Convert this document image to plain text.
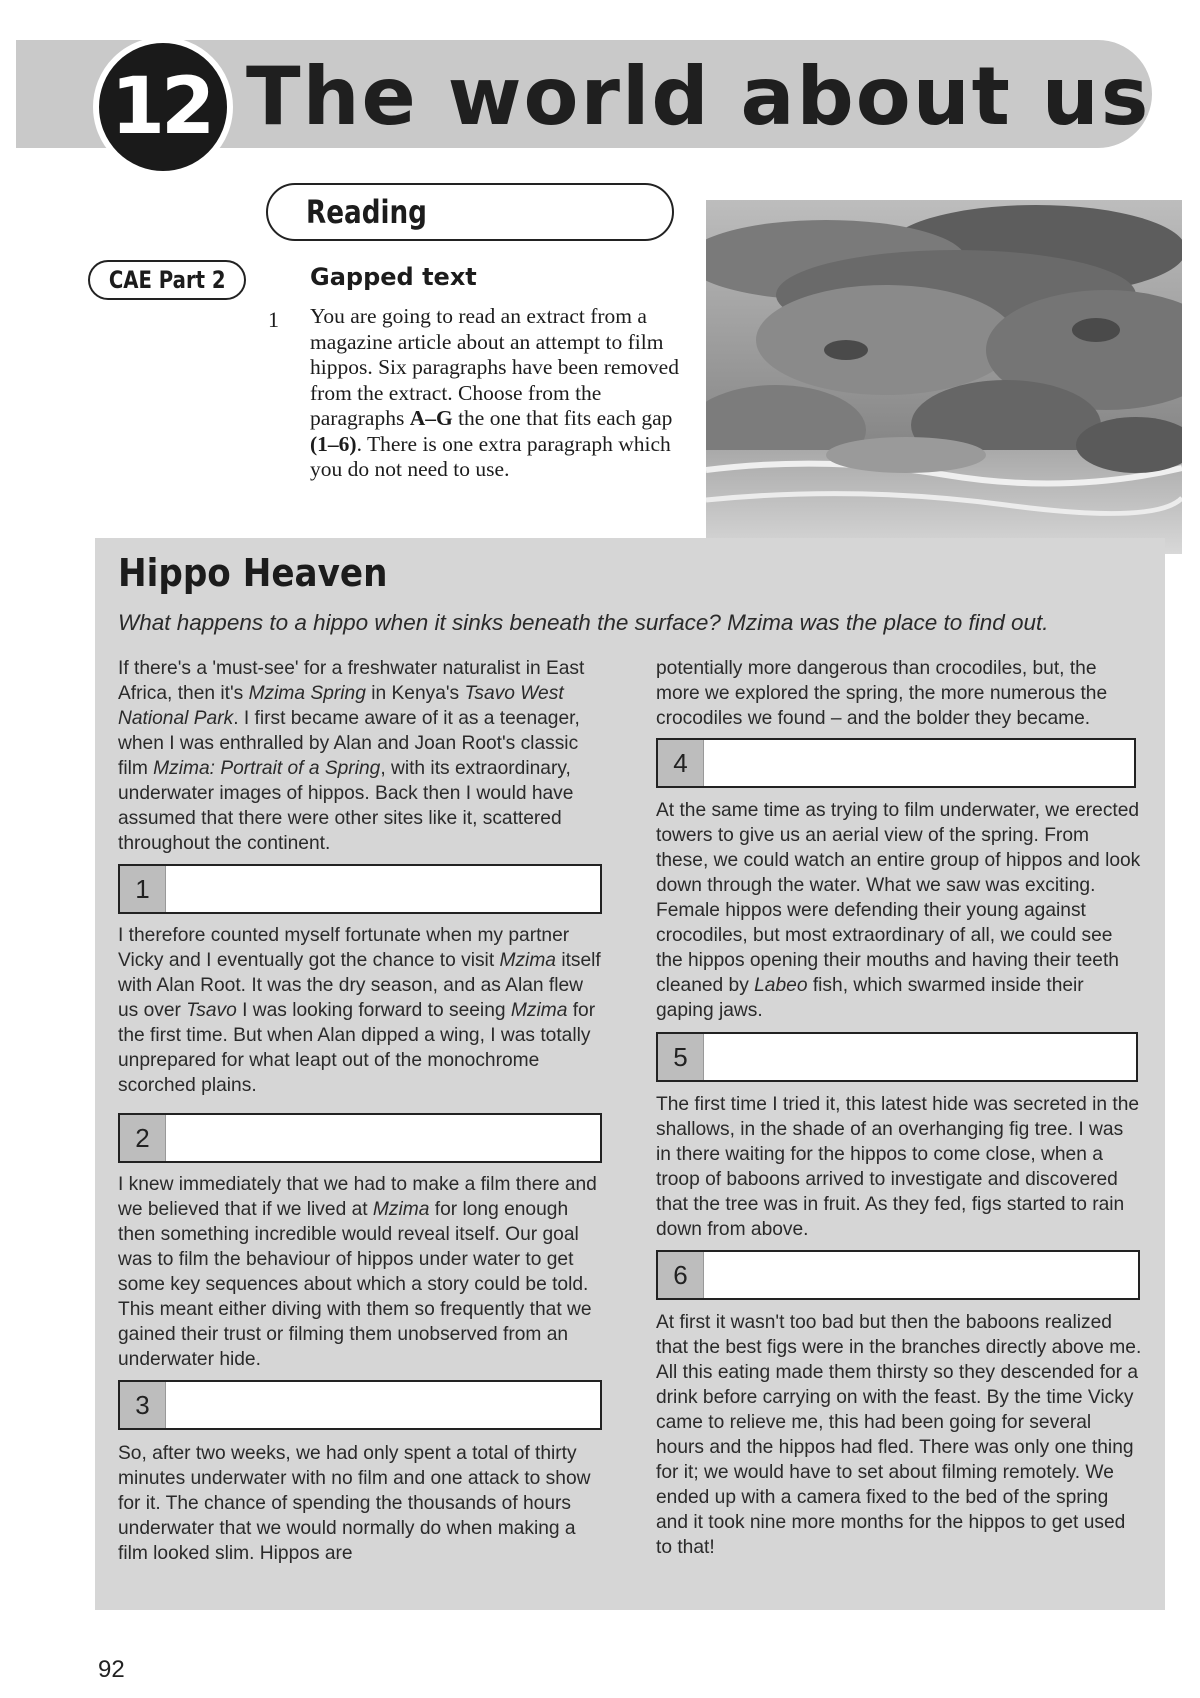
12 The world about us
Reading
CAE Part 2	Gapped text
1 You are going to read an extract from a magazine article about an attempt to film hippos. Six paragraphs have been removed from the extract. Choose from the paragraphs A–G the one that fits each gap (1–6). There is one extra paragraph which you do not need to use.
Hippo Heaven
What happens to a hippo when it sinks beneath the surface? Mzima was the place to find out.
If there's a 'must-see' for a freshwater naturalist in East Africa, then it's Mzima Spring in Kenya's Tsavo West National Park. I first became aware of it as a teenager, when I was enthralled by Alan and Joan Root's classic film Mzima: Portrait of a Spring, with its extraordinary, underwater images of hippos. Back then I would have assumed that there were other sites like it, scattered throughout the continent.
1
I therefore counted myself fortunate when my partner Vicky and I eventually got the chance to visit Mzima itself with Alan Root. It was the dry season, and as Alan flew us over Tsavo I was looking forward to seeing Mzima for the first time. But when Alan dipped a wing, I was totally unprepared for what leapt out of the monochrome scorched plains.
2
I knew immediately that we had to make a film there and we believed that if we lived at Mzima for long enough then something incredible would reveal itself. Our goal was to film the behaviour of hippos under water to get some key sequences about which a story could be told. This meant either diving with them so frequently that we gained their trust or filming them unobserved from an underwater hide.
3
So, after two weeks, we had only spent a total of thirty minutes underwater with no film and one attack to show for it. The chance of spending the thousands of hours underwater that we would normally do when making a film looked slim. Hippos are
potentially more dangerous than crocodiles, but, the more we explored the spring, the more numerous the crocodiles we found – and the bolder they became.
4
At the same time as trying to film underwater, we erected towers to give us an aerial view of the spring. From these, we could watch an entire group of hippos and look down through the water. What we saw was exciting. Female hippos were defending their young against crocodiles, but most extraordinary of all, we could see the hippos opening their mouths and having their teeth cleaned by Labeo fish, which swarmed inside their gaping jaws.
5
The first time I tried it, this latest hide was secreted in the shallows, in the shade of an overhanging fig tree. I was in there waiting for the hippos to come close, when a troop of baboons arrived to investigate and discovered that the tree was in fruit. As they fed, figs started to rain down from above.
6
At first it wasn't too bad but then the baboons realized that the best figs were in the branches directly above me. All this eating made them thirsty so they descended for a drink before carrying on with the feast. By the time Vicky came to relieve me, this had been going for several hours and the hippos had fled. There was only one thing for it; we would have to set about filming remotely. We ended up with a camera fixed to the bed of the spring and it took nine more months for the hippos to get used to that!
92
